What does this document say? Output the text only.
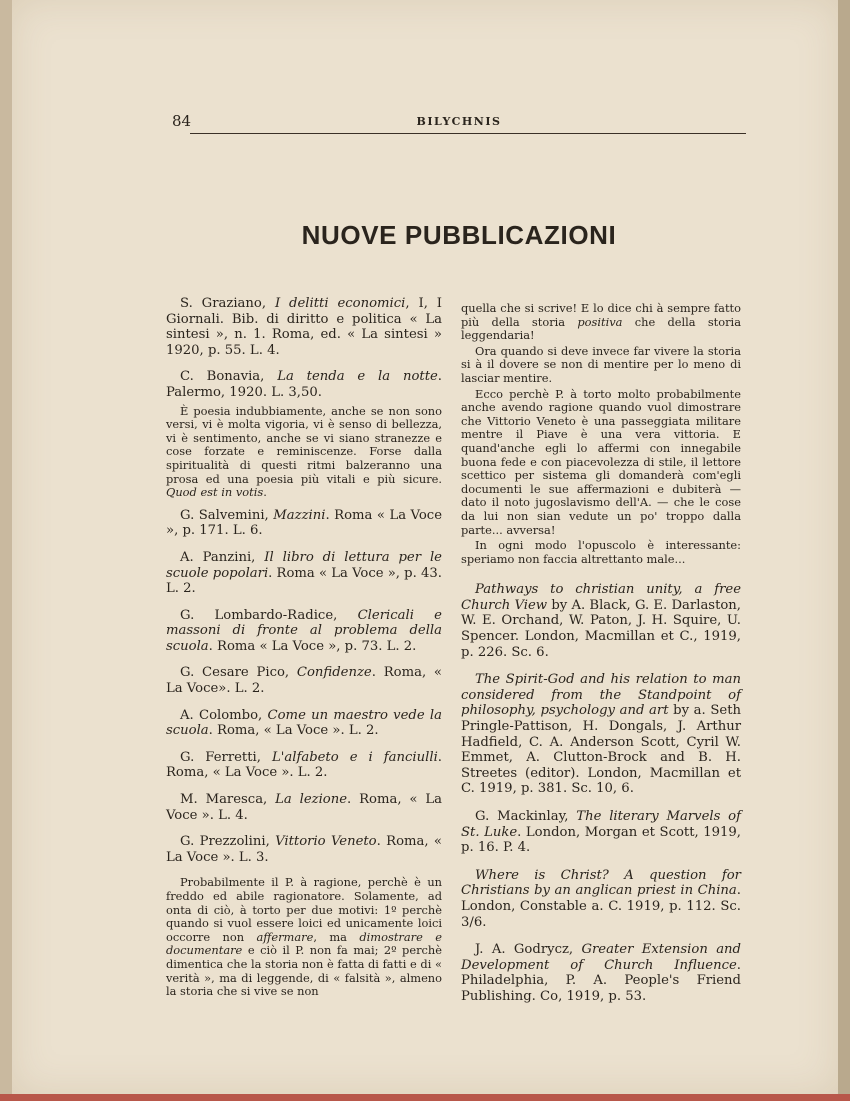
84	BILYCHNIS
NUOVE PUBBLICAZIONI

S. Graziano, I delitti economici, I, I Giornali. Bib. di diritto e politica « La sintesi », n. 1. Roma, ed. « La sintesi » 1920, p. 55. L. 4.

C. Bonavia, La tenda e la notte. Palermo, 1920. L. 3,50.

È poesia indubbiamente, anche se non sono versi, vi è molta vigoria, vi è senso di bellezza, vi è sentimento, anche se vi siano stranezze e cose forzate e reminiscenze. Forse dalla spiritualità di questi ritmi balzeranno una prosa ed una poesia più vitali e più sicure. Quod est in votis.

G. Salvemini, Mazzini. Roma « La Voce », p. 171. L. 6.

A. Panzini, Il libro di lettura per le scuole popolari. Roma « La Voce », p. 43. L. 2.

G. Lombardo-Radice, Clericali e massoni di fronte al problema della scuola. Roma « La Voce », p. 73. L. 2.

G. Cesare Pico, Confidenze. Roma, « La Voce». L. 2.

A. Colombo, Come un maestro vede la scuola. Roma, « La Voce ». L. 2.

G. Ferretti, L'alfabeto e i fanciulli. Roma, « La Voce ». L. 2.

M. Maresca, La lezione. Roma, « La Voce ». L. 4.

G. Prezzolini, Vittorio Veneto. Roma, « La Voce ». L. 3.

Probabilmente il P. à ragione, perchè è un freddo ed abile ragionatore. Solamente, ad onta di ciò, à torto per due motivi: 1º perchè quando si vuol essere loici ed unicamente loici occorre non affermare, ma dimostrare e documentare e ciò il P. non fa mai; 2º perchè dimentica che la storia non è fatta di fatti e di « verità », ma di leggende, di « falsità », almeno la storia che si vive se non

quella che si scrive! E lo dice chi à sempre fatto più della storia positiva che della storia leggendaria!

Ora quando si deve invece far vivere la storia si à il dovere se non di mentire per lo meno di lasciar mentire.

Ecco perchè P. à torto molto probabilmente anche avendo ragione quando vuol dimostrare che Vittorio Veneto è una passeggiata militare mentre il Piave è una vera vittoria. E quand'anche egli lo affermi con innegabile buona fede e con piacevolezza di stile, il lettore scettico per sistema gli domanderà com'egli documenti le sue affermazioni e dubiterà — dato il noto jugoslavismo dell'A. — che le cose da lui non sian vedute un po' troppo dalla parte... avversa!

In ogni modo l'opuscolo è interessante: speriamo non faccia altrettanto male...

Pathways to christian unity, a free Church View by A. Black, G. E. Darlaston, W. E. Orchand, W. Paton, J. H. Squire, U. Spencer. London, Macmillan et C., 1919, p. 226. Sc. 6.

The Spirit-God and his relation to man considered from the Standpoint of philosophy, psychology and art by a. Seth Pringle-Pattison, H. Dongals, J. Arthur Hadfield, C. A. Anderson Scott, Cyril W. Emmet, A. Clutton-Brock and B. H. Streetes (editor). London, Macmillan et C. 1919, p. 381. Sc. 10, 6.

G. Mackinlay, The literary Marvels of St. Luke. London, Morgan et Scott, 1919, p. 16. P. 4.

Where is Christ? A question for Christians by an anglican priest in China. London, Constable a. C. 1919, p. 112. Sc. 3/6.

J. A. Godrycz, Greater Extension and Development of Church Influence. Philadelphia, P. A. People's Friend Publishing. Co, 1919, p. 53.
